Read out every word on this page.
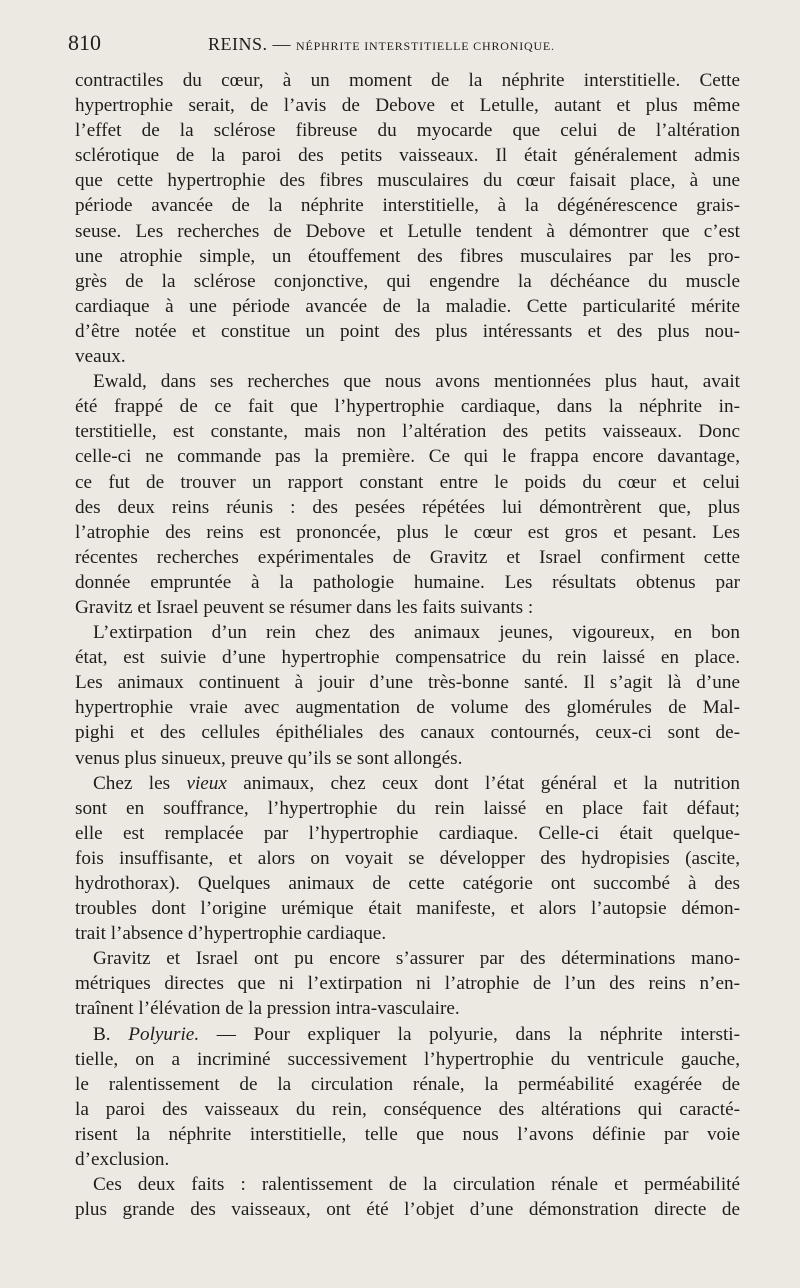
810	REINS. — NÉPHRITE INTERSTITIELLE CHRONIQUE.
contractiles du cœur, à un moment de la néphrite interstitielle. Cette
hypertrophie serait, de l’avis de Debove et Letulle, autant et plus même
l’effet de la sclérose fibreuse du myocarde que celui de l’altération
sclérotique de la paroi des petits vaisseaux. Il était généralement admis
que cette hypertrophie des fibres musculaires du cœur faisait place, à une
période avancée de la néphrite interstitielle, à la dégénérescence grais-
seuse. Les recherches de Debove et Letulle tendent à démontrer que c’est
une atrophie simple, un étouffement des fibres musculaires par les pro-
grès de la sclérose conjonctive, qui engendre la déchéance du muscle
cardiaque à une période avancée de la maladie. Cette particularité mérite
d’être notée et constitue un point des plus intéressants et des plus nou-
veaux.
Ewald, dans ses recherches que nous avons mentionnées plus haut, avait
été frappé de ce fait que l’hypertrophie cardiaque, dans la néphrite in-
terstitielle, est constante, mais non l’altération des petits vaisseaux. Donc
celle-ci ne commande pas la première. Ce qui le frappa encore davantage,
ce fut de trouver un rapport constant entre le poids du cœur et celui
des deux reins réunis : des pesées répétées lui démontrèrent que, plus
l’atrophie des reins est prononcée, plus le cœur est gros et pesant. Les
récentes recherches expérimentales de Gravitz et Israel confirment cette
donnée empruntée à la pathologie humaine. Les résultats obtenus par
Gravitz et Israel peuvent se résumer dans les faits suivants :
L’extirpation d’un rein chez des animaux jeunes, vigoureux, en bon
état, est suivie d’une hypertrophie compensatrice du rein laissé en place.
Les animaux continuent à jouir d’une très-bonne santé. Il s’agit là d’une
hypertrophie vraie avec augmentation de volume des glomérules de Mal-
pighi et des cellules épithéliales des canaux contournés, ceux-ci sont de-
venus plus sinueux, preuve qu’ils se sont allongés.
Chez les vieux animaux, chez ceux dont l’état général et la nutrition
sont en souffrance, l’hypertrophie du rein laissé en place fait défaut;
elle est remplacée par l’hypertrophie cardiaque. Celle-ci était quelque-
fois insuffisante, et alors on voyait se développer des hydropisies (ascite,
hydrothorax). Quelques animaux de cette catégorie ont succombé à des
troubles dont l’origine urémique était manifeste, et alors l’autopsie démon-
trait l’absence d’hypertrophie cardiaque.
Gravitz et Israel ont pu encore s’assurer par des déterminations mano-
métriques directes que ni l’extirpation ni l’atrophie de l’un des reins n’en-
traînent l’élévation de la pression intra-vasculaire.
B. Polyurie. — Pour expliquer la polyurie, dans la néphrite intersti-
tielle, on a incriminé successivement l’hypertrophie du ventricule gauche,
le ralentissement de la circulation rénale, la perméabilité exagérée de
la paroi des vaisseaux du rein, conséquence des altérations qui caracté-
risent la néphrite interstitielle, telle que nous l’avons définie par voie
d’exclusion.
Ces deux faits : ralentissement de la circulation rénale et perméabilité
plus grande des vaisseaux, ont été l’objet d’une démonstration directe de
